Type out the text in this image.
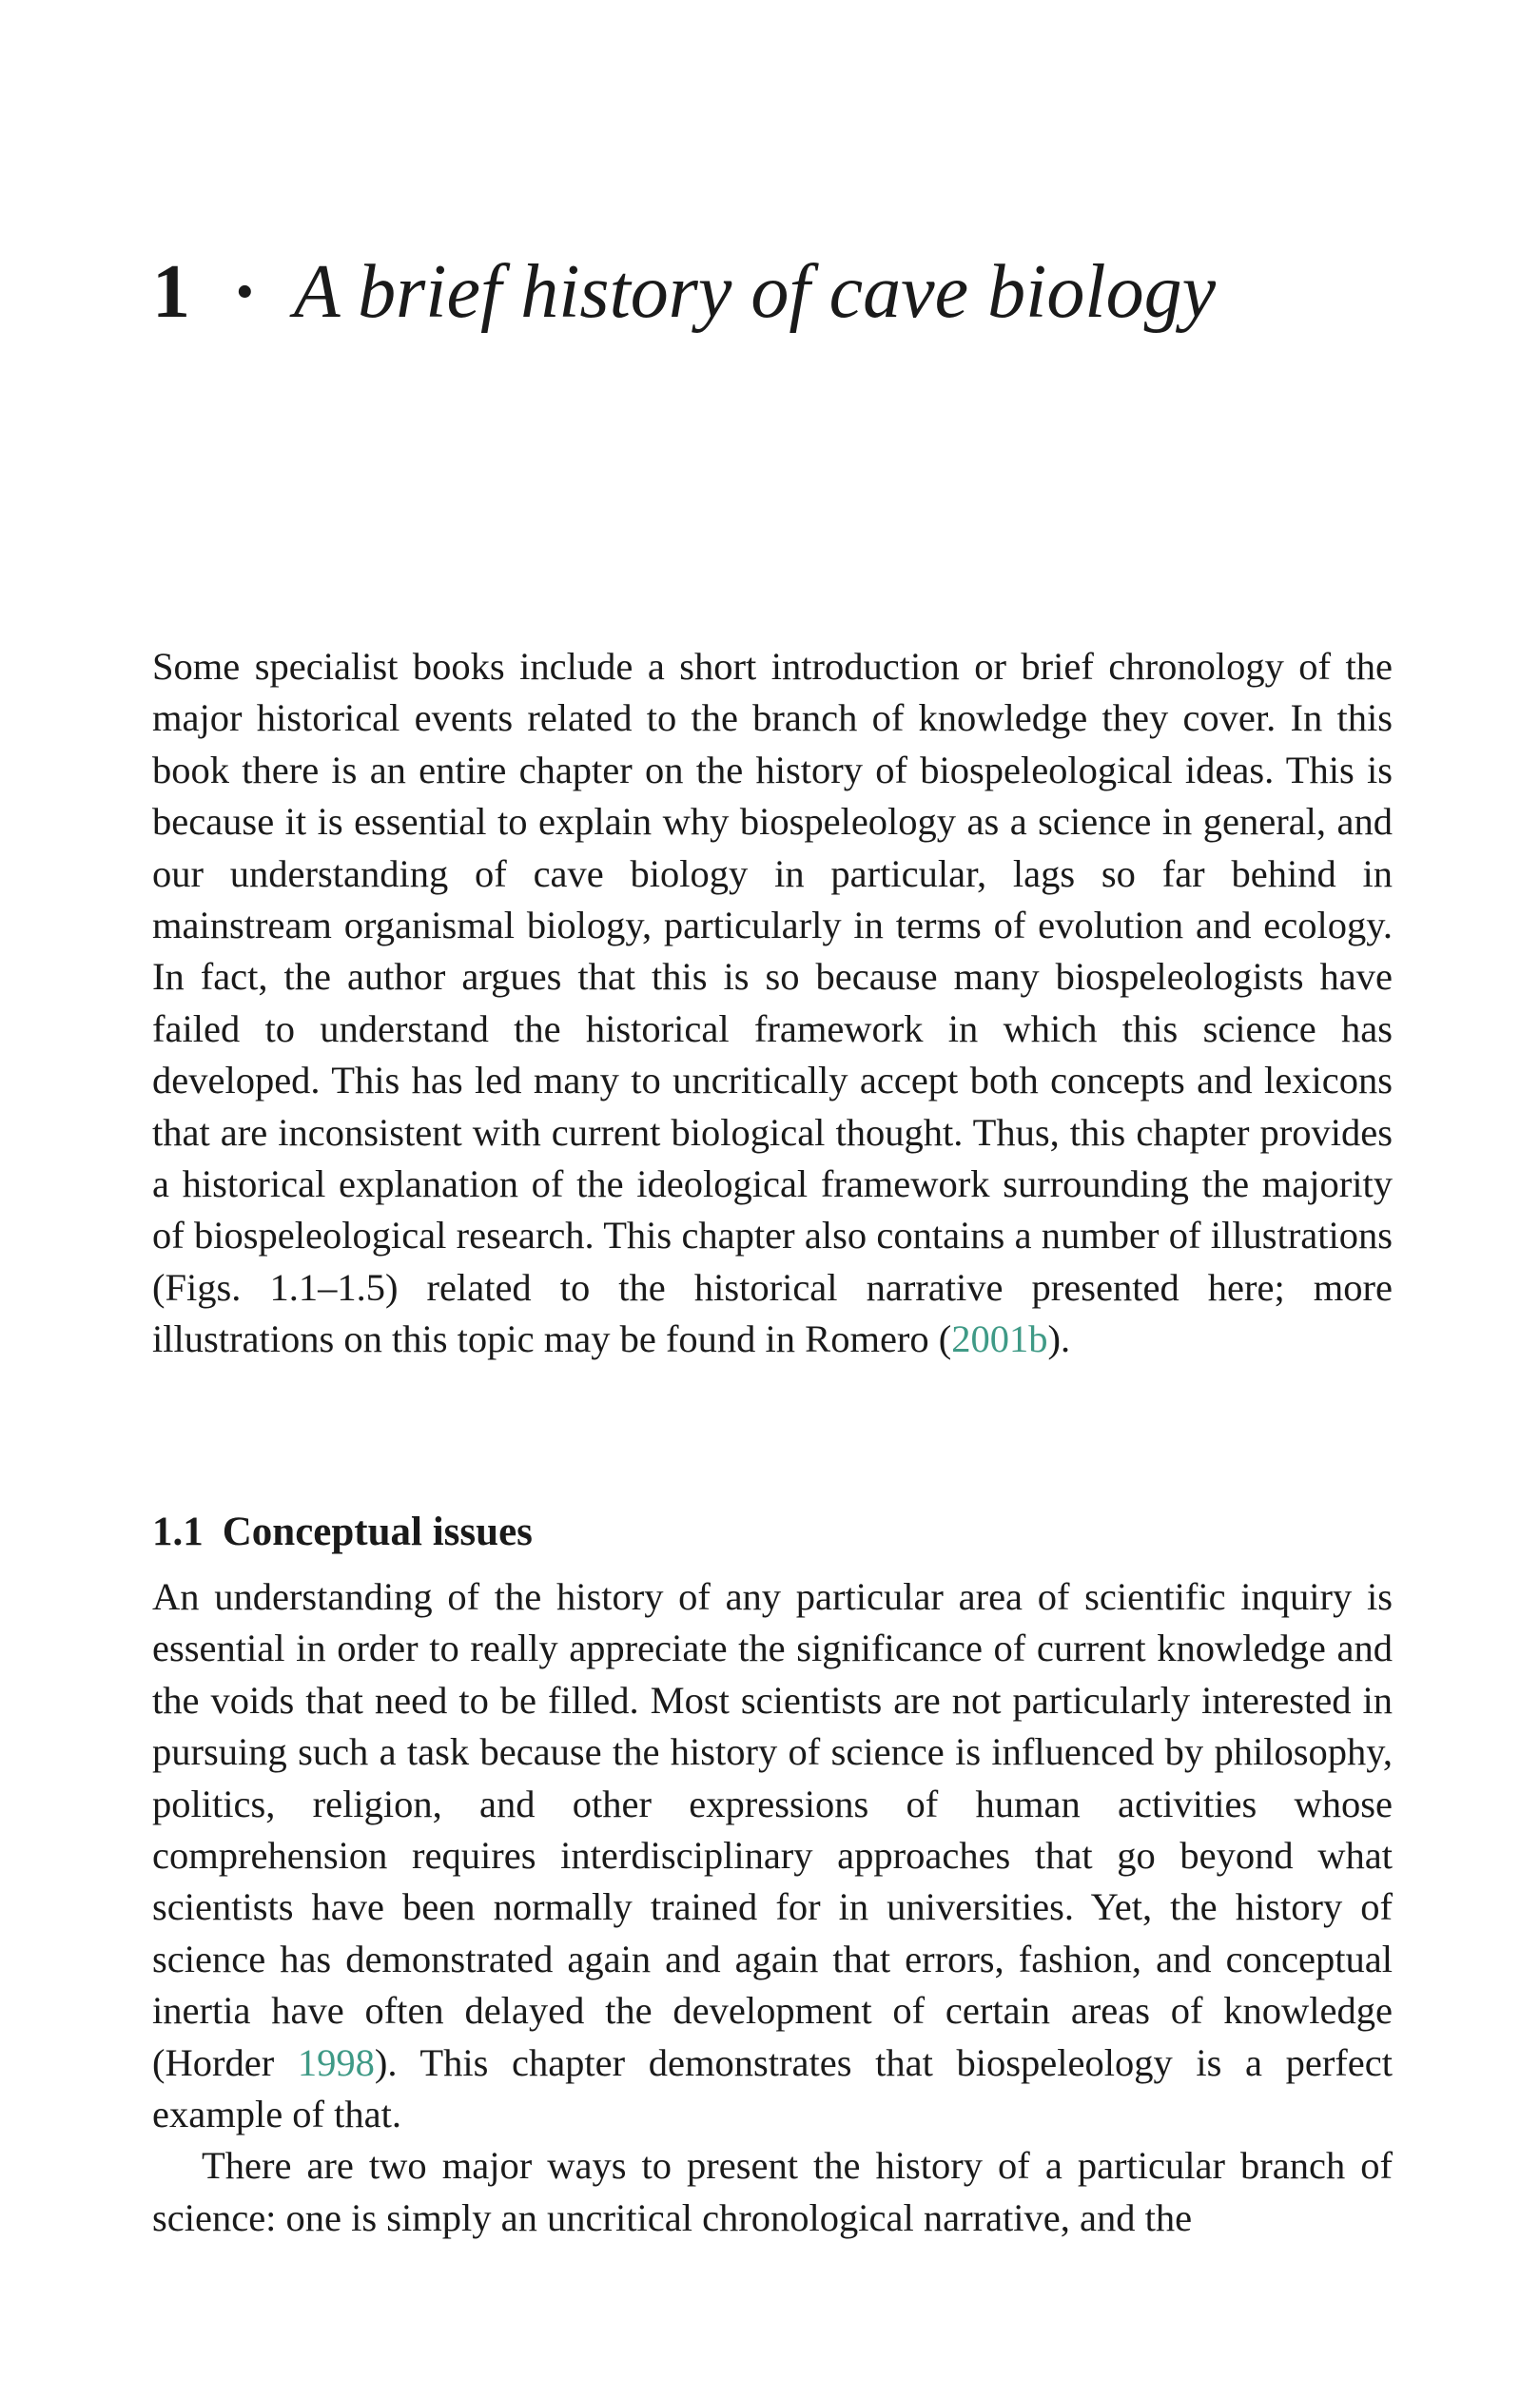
1 · A brief history of cave biology
Some specialist books include a short introduction or brief chronology of the major historical events related to the branch of knowledge they cover. In this book there is an entire chapter on the history of biospeleological ideas. This is because it is essential to explain why biospeleology as a science in general, and our understanding of cave biology in particular, lags so far behind in mainstream organismal biology, particularly in terms of evolution and ecology. In fact, the author argues that this is so because many biospeleologists have failed to understand the historical framework in which this science has developed. This has led many to uncritically accept both concepts and lexicons that are inconsistent with current biological thought. Thus, this chapter provides a historical explanation of the ideological framework surrounding the majority of biospeleological research. This chapter also contains a number of illustrations (Figs. 1.1–1.5) related to the historical narrative presented here; more illustrations on this topic may be found in Romero (2001b).
1.1 Conceptual issues

An understanding of the history of any particular area of scientific inquiry is essential in order to really appreciate the significance of current knowledge and the voids that need to be filled. Most scientists are not particularly interested in pursuing such a task because the history of science is influenced by philosophy, politics, religion, and other expressions of human activities whose comprehension requires interdisciplinary approaches that go beyond what scientists have been normally trained for in universities. Yet, the history of science has demonstrated again and again that errors, fashion, and conceptual inertia have often delayed the development of certain areas of knowledge (Horder 1998). This chapter demonstrates that biospeleology is a perfect example of that.

There are two major ways to present the history of a particular branch of science: one is simply an uncritical chronological narrative, and the
